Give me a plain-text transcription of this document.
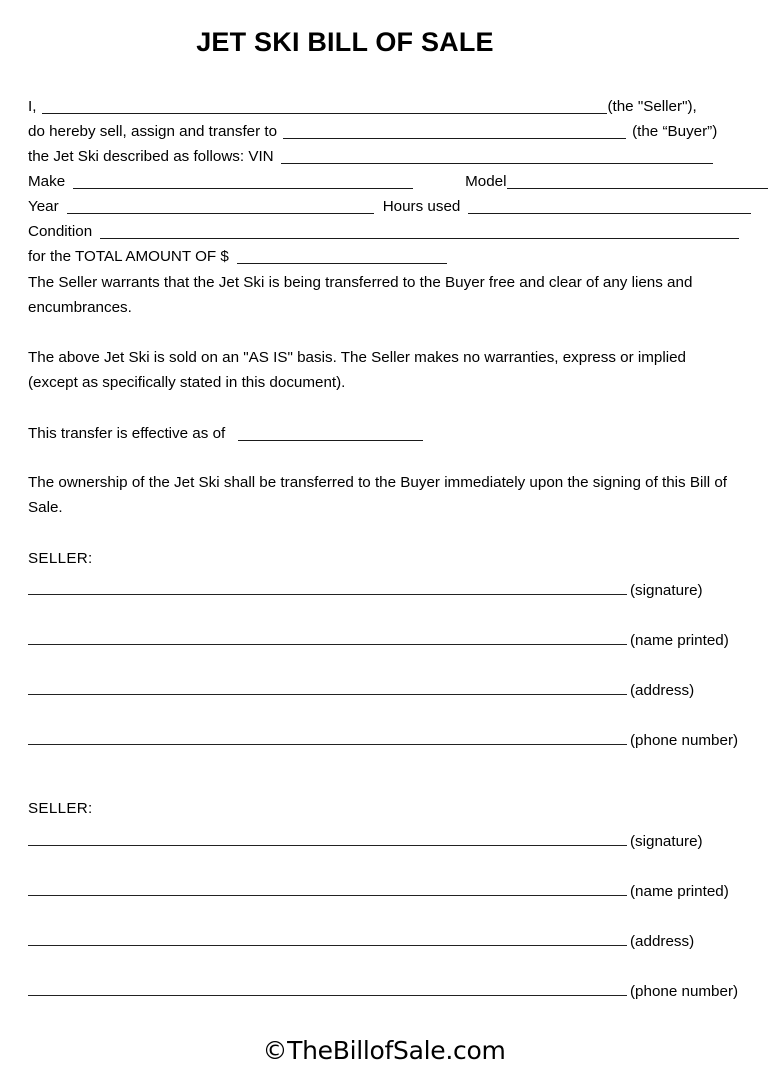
JET SKI BILL OF SALE
I,	(the "Seller"),
do hereby sell, assign and transfer to	(the “Buyer”)
the Jet Ski described as follows: VIN
Make	Model
Year	Hours used
Condition
for the TOTAL AMOUNT OF $
The Seller warrants that the Jet Ski is being transferred to the Buyer free and clear of any liens and encumbrances.
The above Jet Ski is sold on an "AS IS" basis. The Seller makes no warranties, express or implied (except as specifically stated in this document).
This transfer is effective as of
The ownership of the Jet Ski shall be transferred to the Buyer immediately upon the signing of this Bill of Sale.
SELLER:
(signature)
(name printed)
(address)
(phone number)
SELLER:
(signature)
(name printed)
(address)
(phone number)
©TheBillofSale.com
